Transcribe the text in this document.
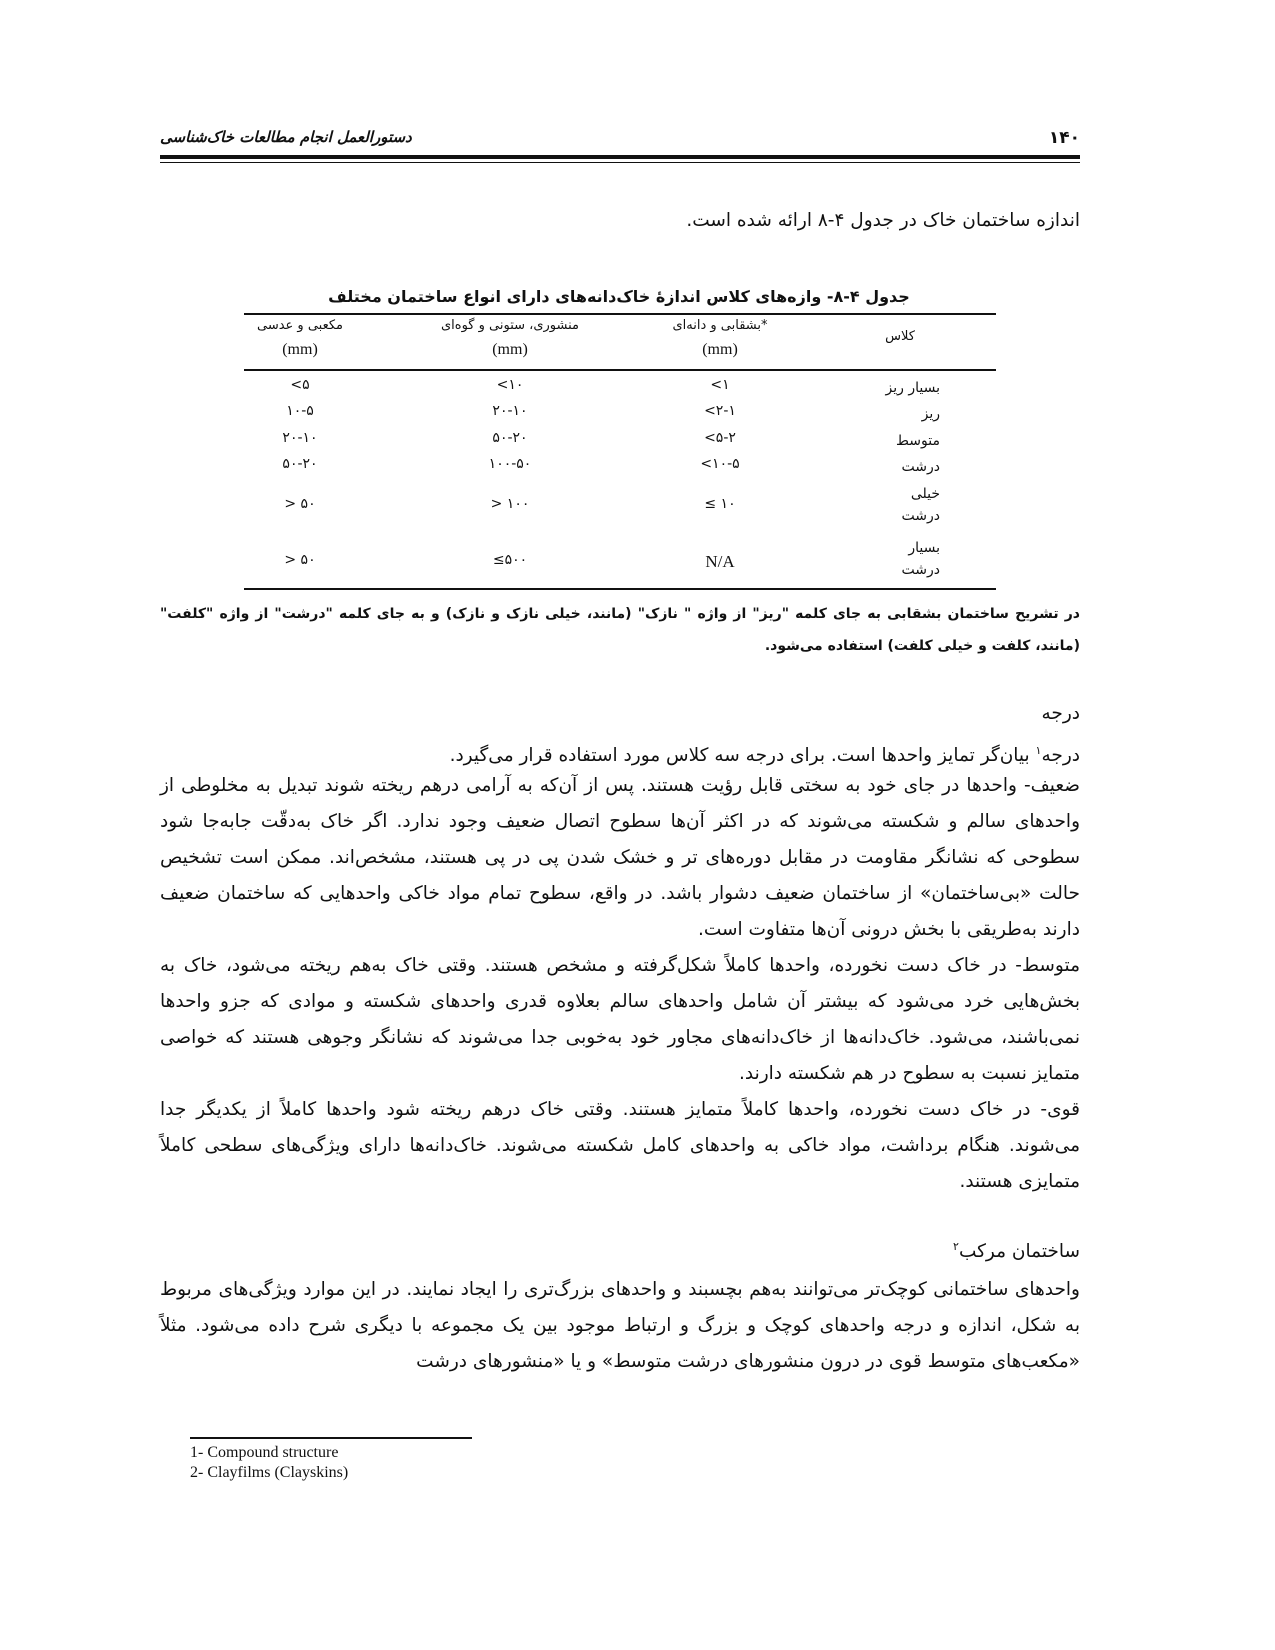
۱۴۰
دستورالعمل انجام مطالعات خاک‌شناسی
اندازه ساختمان خاک در جدول ۴-۸ ارائه شده است.
جدول ۴-۸- وازه‌های کلاس اندازهٔ خاک‌دانه‌های دارای انواع ساختمان مختلف
کلاس
بشقابی و دانه‌ای*
(mm)
منشوری، ستونی و گوه‌ای
(mm)
مکعبی و عدسی
(mm)
بسیار ریز
<۱
<۱۰
<۵
ریز
<۲-۱
۲۰-۱۰
۱۰-۵
متوسط
<۵-۲
۵۰-۲۰
۲۰-۱۰
درشت
<۱۰-۵
۱۰۰-۵۰
۵۰-۲۰
خیلی درشت
≤ ۱۰
> ۱۰۰
> ۵۰
بسیار درشت
N/A
≤۵۰۰
> ۵۰
در تشریح ساختمان بشقابی به جای کلمه "ریز" از واژه " نازک" (مانند، خیلی نازک و نازک) و به جای کلمه "درشت" از واژه "کلفت" (مانند، کلفت و خیلی کلفت) استفاده می‌شود.
درجه
درجه$^۱$ بیان‌گر تمایز واحدها است. برای درجه سه کلاس مورد استفاده قرار می‌گیرد.
ضعیف- واحدها در جای خود به سختی قابل رؤیت هستند. پس از آن‌که به آرامی درهم ریخته شوند تبدیل به مخلوطی از واحدهای سالم و شکسته می‌شوند که در اکثر آن‌ها سطوح اتصال ضعیف وجود ندارد. اگر خاک به‌دقّت جابه‌جا شود سطوحی که نشانگر مقاومت در مقابل دوره‌های تر و خشک شدن پی در پی هستند، مشخص‌اند. ممکن است تشخیص حالت «بی‌ساختمان» از ساختمان ضعیف دشوار باشد. در واقع، سطوح تمام مواد خاکی واحدهایی که ساختمان ضعیف دارند به‌طریقی با بخش درونی آن‌ها متفاوت است.
متوسط- در خاک دست نخورده، واحدها کاملاً شکل‌گرفته و مشخص هستند. وقتی خاک به‌هم ریخته می‌شود، خاک به بخش‌هایی خرد می‌شود که بیشتر آن شامل واحدهای سالم بعلاوه قدری واحدهای شکسته و موادی که جزو واحدها نمی‌باشند، می‌شود. خاک‌دانه‌ها از خاک‌دانه‌های مجاور خود به‌خوبی جدا می‌شوند که نشانگر وجوهی هستند که خواصی متمایز نسبت به سطوح در هم شکسته دارند.
قوی- در خاک دست نخورده، واحدها کاملاً متمایز هستند. وقتی خاک درهم ریخته شود واحدها کاملاً از یکدیگر جدا می‌شوند. هنگام برداشت، مواد خاکی به واحدهای کامل شکسته می‌شوند. خاک‌دانه‌ها دارای ویژگی‌های سطحی کاملاً متمایزی هستند.
ساختمان مرکب$^۲$
واحدهای ساختمانی کوچک‌تر می‌توانند به‌هم بچسبند و واحدهای بزرگ‌تری را ایجاد نمایند. در این موارد ویژگی‌های مربوط به شکل، اندازه و درجه واحدهای کوچک و بزرگ و ارتباط موجود بین یک مجموعه با دیگری شرح داده می‌شود. مثلاً «مکعب‌های متوسط قوی در درون منشورهای درشت متوسط» و یا «منشورهای درشت
1- Compound structure
2- Clayfilms (Clayskins)
